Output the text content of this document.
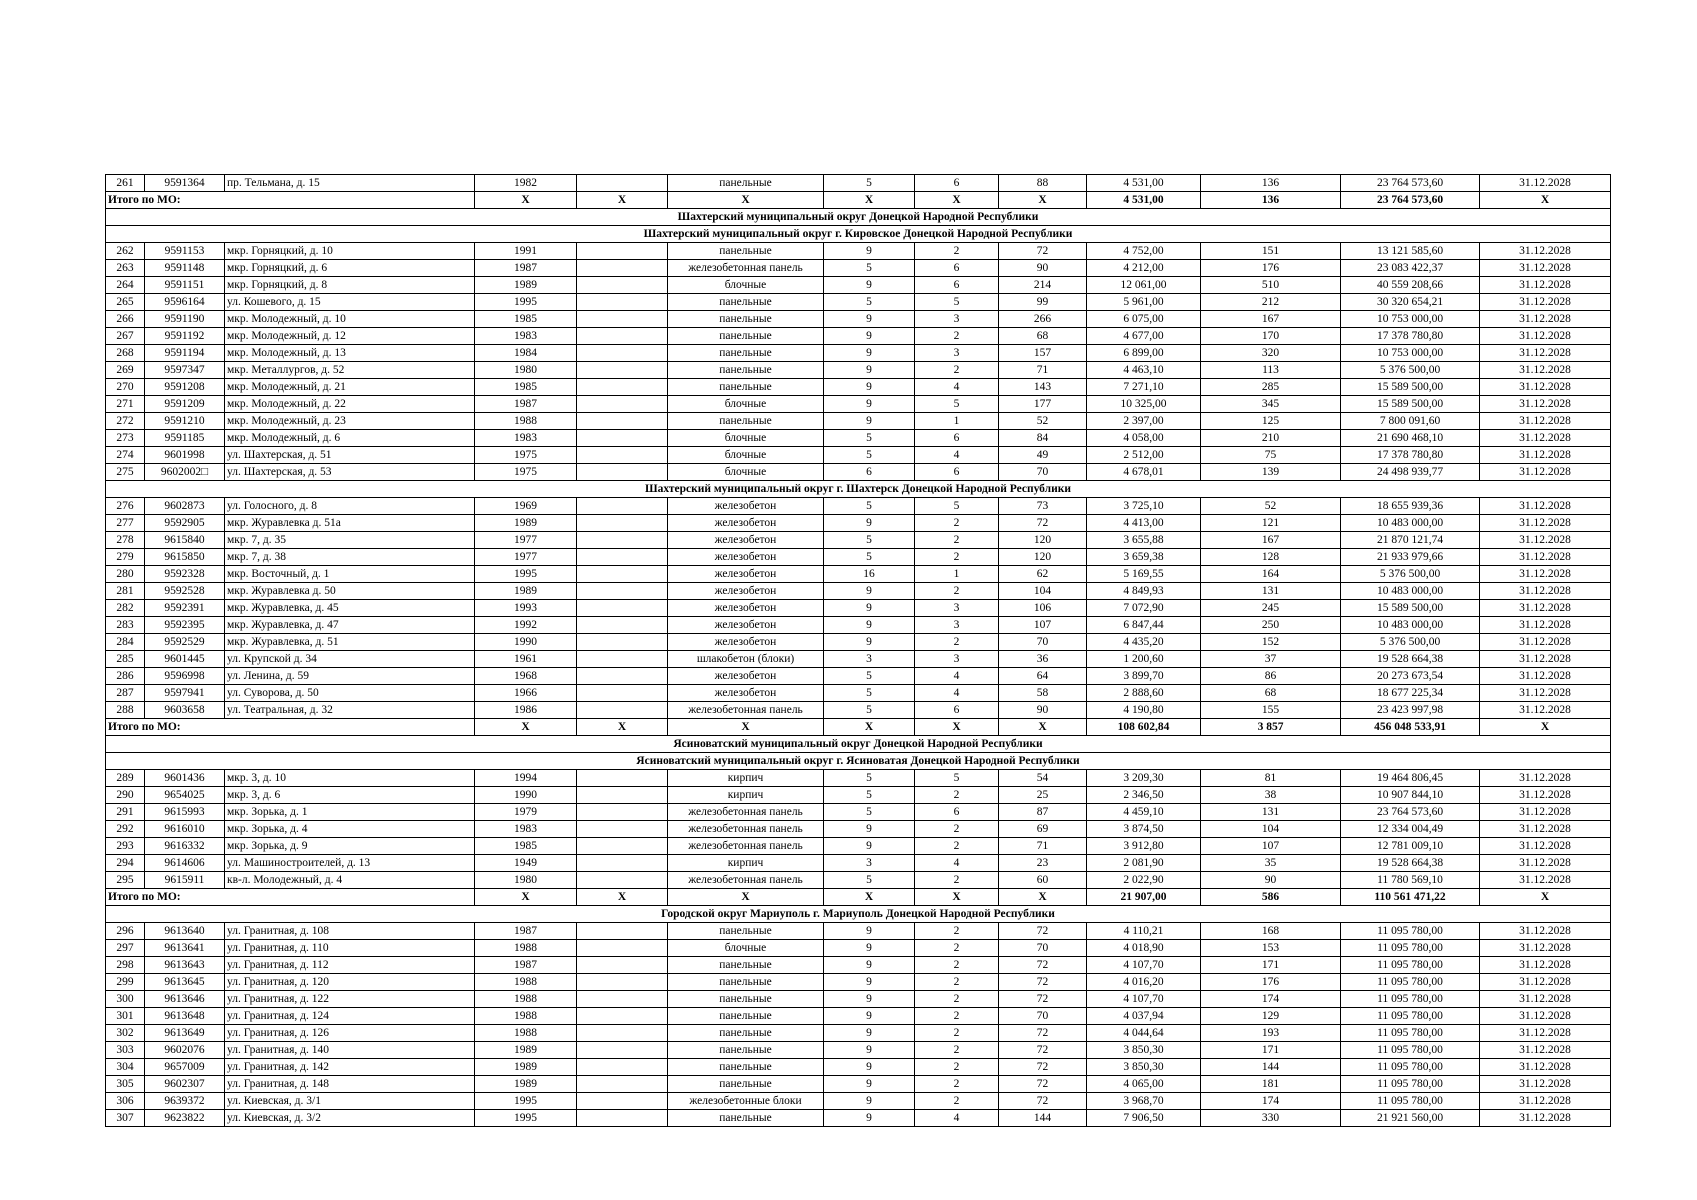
261	9591364	пр. Тельмана, д. 15	1982		панельные	5	6	88	4 531,00	136	23 764 573,60	31.12.2028
Итого по МО:			X	X	X	X	X	X	4 531,00	136	23 764 573,60	X
Шахтерский муниципальный округ Донецкой Народной Республики												
Шахтерский муниципальный округ г. Кировское Донецкой Народной Республики												
262	9591153	мкр. Горняцкий, д. 10	1991		панельные	9	2	72	4 752,00	151	13 121 585,60	31.12.2028
263	9591148	мкр. Горняцкий, д. 6	1987		железобетонная панель	5	6	90	4 212,00	176	23 083 422,37	31.12.2028
264	9591151	мкр. Горняцкий, д. 8	1989		блочные	9	6	214	12 061,00	510	40 559 208,66	31.12.2028
265	9596164	ул. Кошевого, д. 15	1995		панельные	5	5	99	5 961,00	212	30 320 654,21	31.12.2028
266	9591190	мкр. Молодежный, д. 10	1985		панельные	9	3	266	6 075,00	167	10 753 000,00	31.12.2028
267	9591192	мкр. Молодежный, д. 12	1983		панельные	9	2	68	4 677,00	170	17 378 780,80	31.12.2028
268	9591194	мкр. Молодежный, д. 13	1984		панельные	9	3	157	6 899,00	320	10 753 000,00	31.12.2028
269	9597347	мкр. Металлургов, д. 52	1980		панельные	9	2	71	4 463,10	113	5 376 500,00	31.12.2028
270	9591208	мкр. Молодежный, д. 21	1985		панельные	9	4	143	7 271,10	285	15 589 500,00	31.12.2028
271	9591209	мкр. Молодежный, д. 22	1987		блочные	9	5	177	10 325,00	345	15 589 500,00	31.12.2028
272	9591210	мкр. Молодежный, д. 23	1988		панельные	9	1	52	2 397,00	125	7 800 091,60	31.12.2028
273	9591185	мкр. Молодежный, д. 6	1983		блочные	5	6	84	4 058,00	210	21 690 468,10	31.12.2028
274	9601998	ул. Шахтерская, д. 51	1975		блочные	5	4	49	2 512,00	75	17 378 780,80	31.12.2028
275	9602002□	ул. Шахтерская, д. 53	1975		блочные	6	6	70	4 678,01	139	24 498 939,77	31.12.2028
Шахтерский муниципальный округ г. Шахтерск Донецкой Народной Республики												
276	9602873	ул. Голосного, д. 8	1969		железобетон	5	5	73	3 725,10	52	18 655 939,36	31.12.2028
277	9592905	мкр. Журавлевка д. 51а	1989		железобетон	9	2	72	4 413,00	121	10 483 000,00	31.12.2028
278	9615840	мкр. 7, д. 35	1977		железобетон	5	2	120	3 655,88	167	21 870 121,74	31.12.2028
279	9615850	мкр. 7, д. 38	1977		железобетон	5	2	120	3 659,38	128	21 933 979,66	31.12.2028
280	9592328	мкр. Восточный, д. 1	1995		железобетон	16	1	62	5 169,55	164	5 376 500,00	31.12.2028
281	9592528	мкр. Журавлевка д. 50	1989		железобетон	9	2	104	4 849,93	131	10 483 000,00	31.12.2028
282	9592391	мкр. Журавлевка, д. 45	1993		железобетон	9	3	106	7 072,90	245	15 589 500,00	31.12.2028
283	9592395	мкр. Журавлевка, д. 47	1992		железобетон	9	3	107	6 847,44	250	10 483 000,00	31.12.2028
284	9592529	мкр. Журавлевка, д. 51	1990		железобетон	9	2	70	4 435,20	152	5 376 500,00	31.12.2028
285	9601445	ул. Крупской д. 34	1961		шлакобетон (блоки)	3	3	36	1 200,60	37	19 528 664,38	31.12.2028
286	9596998	ул. Ленина, д. 59	1968		железобетон	5	4	64	3 899,70	86	20 273 673,54	31.12.2028
287	9597941	ул. Суворова, д. 50	1966		железобетон	5	4	58	2 888,60	68	18 677 225,34	31.12.2028
288	9603658	ул. Театральная, д. 32	1986		железобетонная панель	5	6	90	4 190,80	155	23 423 997,98	31.12.2028
Итого по МО:			X	X	X	X	X	X	108 602,84	3 857	456 048 533,91	X
Ясиноватский муниципальный округ Донецкой Народной Республики												
Ясиноватский муниципальный округ г. Ясиноватая Донецкой Народной Республики												
289	9601436	мкр. 3, д. 10	1994		кирпич	5	5	54	3 209,30	81	19 464 806,45	31.12.2028
290	9654025	мкр. 3, д. 6	1990		кирпич	5	2	25	2 346,50	38	10 907 844,10	31.12.2028
291	9615993	мкр. Зорька, д. 1	1979		железобетонная панель	5	6	87	4 459,10	131	23 764 573,60	31.12.2028
292	9616010	мкр. Зорька, д. 4	1983		железобетонная панель	9	2	69	3 874,50	104	12 334 004,49	31.12.2028
293	9616332	мкр. Зорька, д. 9	1985		железобетонная панель	9	2	71	3 912,80	107	12 781 009,10	31.12.2028
294	9614606	ул. Машиностроителей, д. 13	1949		кирпич	3	4	23	2 081,90	35	19 528 664,38	31.12.2028
295	9615911	кв-л. Молодежный, д. 4	1980		железобетонная панель	5	2	60	2 022,90	90	11 780 569,10	31.12.2028
Итого по МО:			X	X	X	X	X	X	21 907,00	586	110 561 471,22	X
Городской округ Мариуполь г. Мариуполь Донецкой Народной Республики												
296	9613640	ул. Гранитная, д. 108	1987		панельные	9	2	72	4 110,21	168	11 095 780,00	31.12.2028
297	9613641	ул. Гранитная, д. 110	1988		блочные	9	2	70	4 018,90	153	11 095 780,00	31.12.2028
298	9613643	ул. Гранитная, д. 112	1987		панельные	9	2	72	4 107,70	171	11 095 780,00	31.12.2028
299	9613645	ул. Гранитная, д. 120	1988		панельные	9	2	72	4 016,20	176	11 095 780,00	31.12.2028
300	9613646	ул. Гранитная, д. 122	1988		панельные	9	2	72	4 107,70	174	11 095 780,00	31.12.2028
301	9613648	ул. Гранитная, д. 124	1988		панельные	9	2	70	4 037,94	129	11 095 780,00	31.12.2028
302	9613649	ул. Гранитная, д. 126	1988		панельные	9	2	72	4 044,64	193	11 095 780,00	31.12.2028
303	9602076	ул. Гранитная, д. 140	1989		панельные	9	2	72	3 850,30	171	11 095 780,00	31.12.2028
304	9657009	ул. Гранитная, д. 142	1989		панельные	9	2	72	3 850,30	144	11 095 780,00	31.12.2028
305	9602307	ул. Гранитная, д. 148	1989		панельные	9	2	72	4 065,00	181	11 095 780,00	31.12.2028
306	9639372	ул. Киевская, д. 3/1	1995		железобетонные блоки	9	2	72	3 968,70	174	11 095 780,00	31.12.2028
307	9623822	ул. Киевская, д. 3/2	1995		панельные	9	4	144	7 906,50	330	21 921 560,00	31.12.2028
